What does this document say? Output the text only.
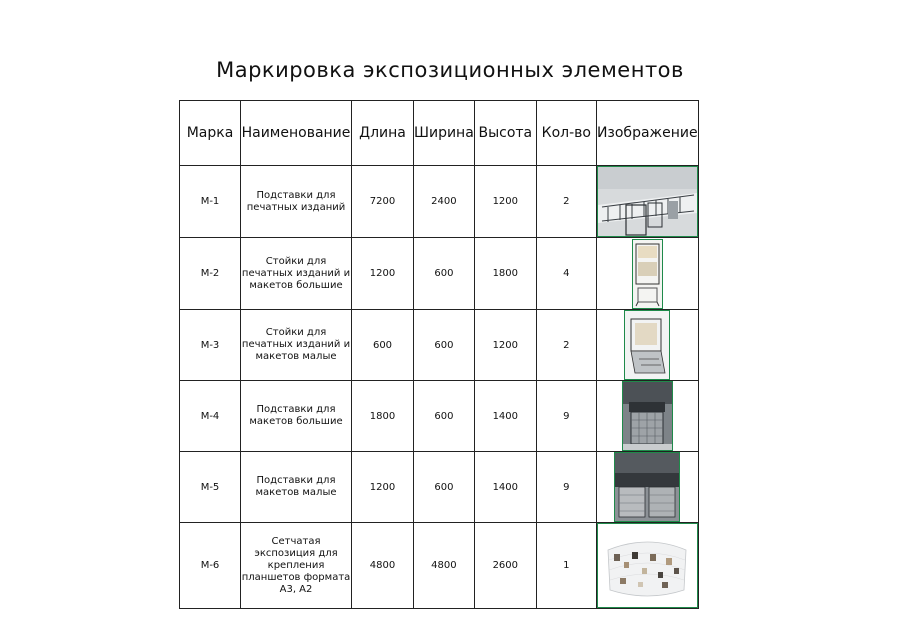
Маркировка экспозиционных элементов
Марка	Наименование	Длина	Ширина	Высота	Кол-во	Изображение
М-1	Подставки для печатных изданий	7200	2400	1200	2	

М-2	Стойки для печатных изданий и макетов большие	1200	600	1800	4	

М-3	Стойки для печатных изданий и макетов малые	600	600	1200	2	

М-4	Подставки для макетов большие	1800	600	1400	9	

М-5	Подставки для макетов малые	1200	600	1400	9	

М-6	Сетчатая экспозиция для крепления планшетов формата А3, А2	4800	4800	2600	1	
